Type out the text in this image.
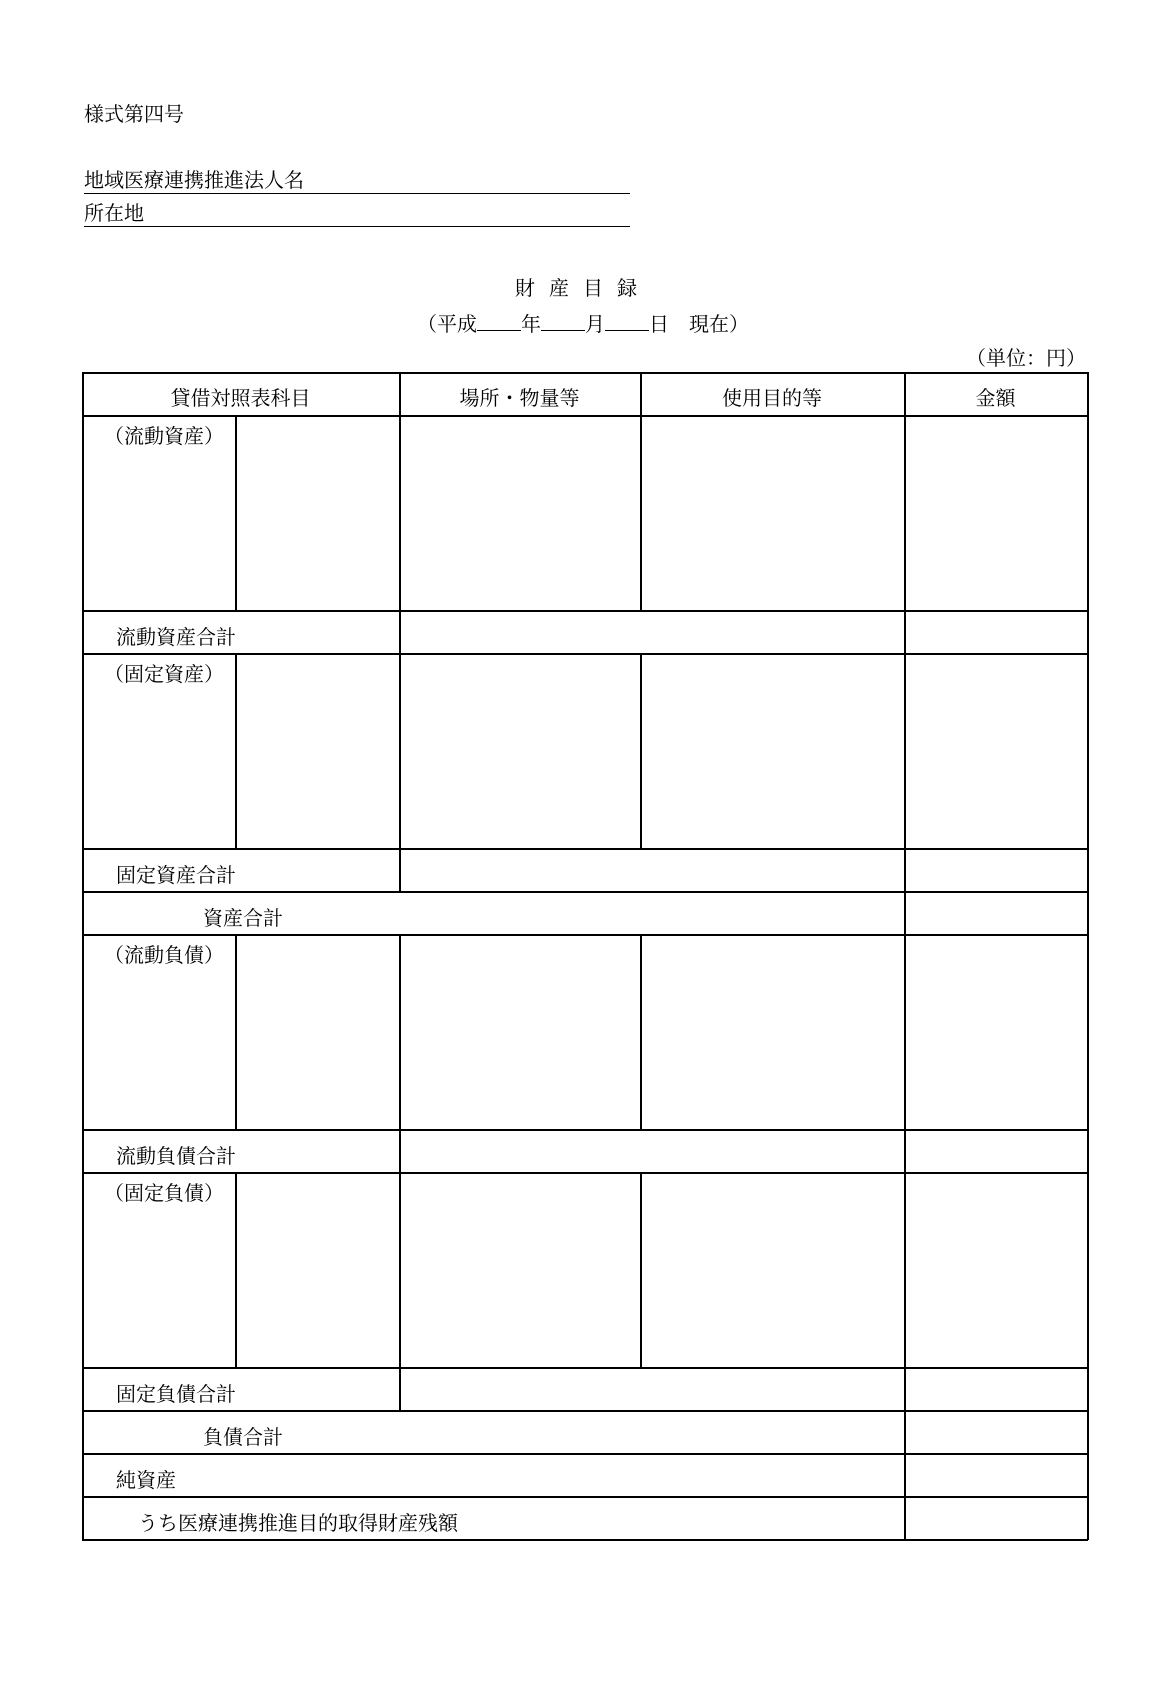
様式第四号
地域医療連携推進法人名
所在地
財産目録
（平成 年 月 日　現在）
（単位：円）
貸借対照表科目	場所・物量等	使用目的等	金額
（流動資産）
流動資産合計
（固定資産）
固定資産合計
資産合計
（流動負債）
流動負債合計
（固定負債）
固定負債合計
負債合計
純資産
うち医療連携推進目的取得財産残額
